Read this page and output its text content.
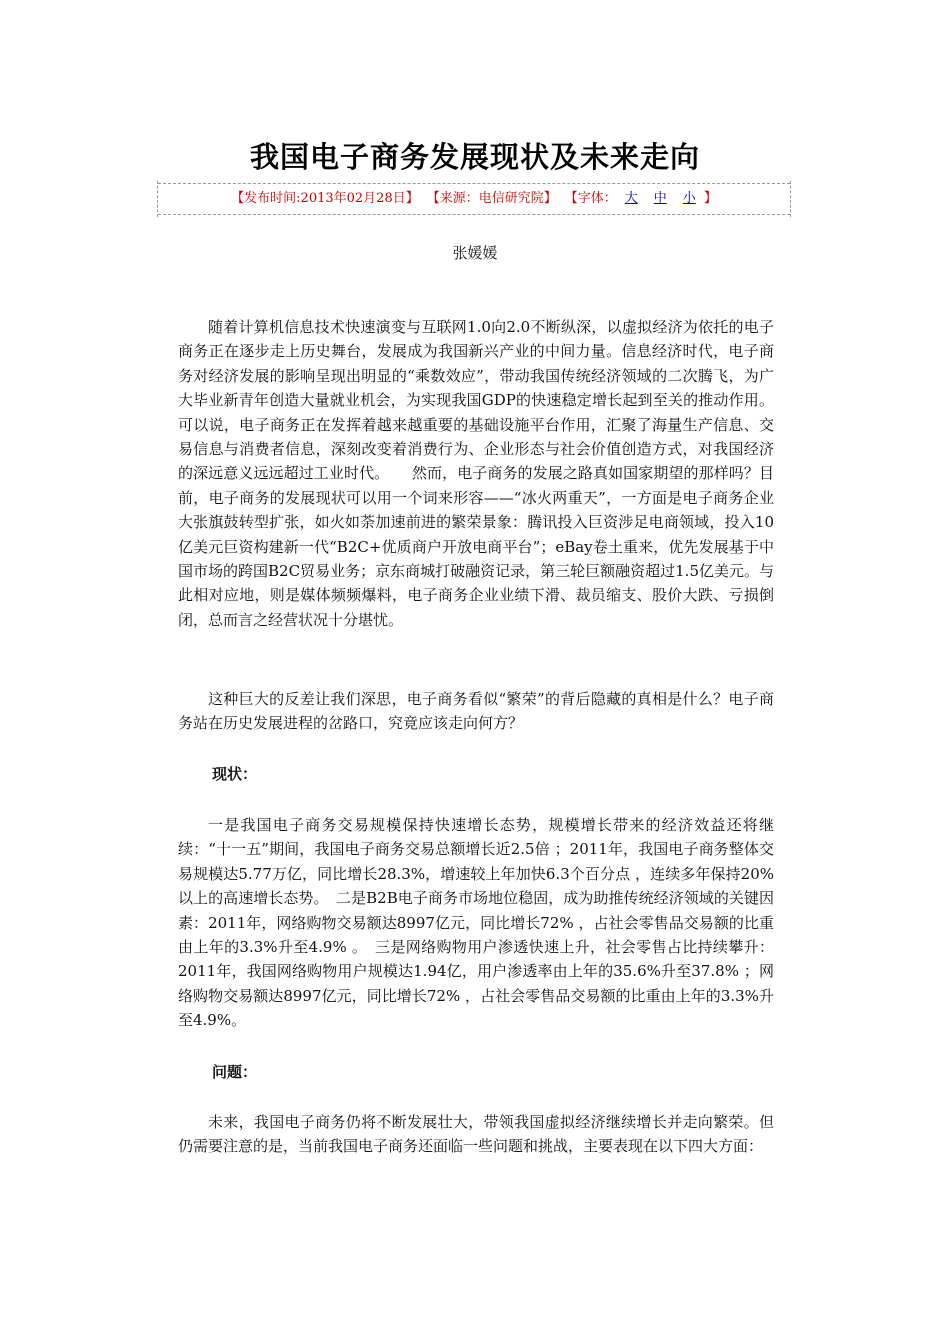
我国电子商务发展现状及未来走向
【发布时间:2013年02月28日】 【来源：电信研究院】 【字体： 大 中 小 】
张媛媛

随着计算机信息技术快速演变与互联网1.0向2.0不断纵深，以虚拟经济为依托的电子商务正在逐步走上历史舞台，发展成为我国新兴产业的中间力量。信息经济时代，电子商务对经济发展的影响呈现出明显的“乘数效应”，带动我国传统经济领域的二次腾飞，为广大毕业新青年创造大量就业机会，为实现我国GDP的快速稳定增长起到至关的推动作用。可以说，电子商务正在发挥着越来越重要的基础设施平台作用，汇聚了海量生产信息、交易信息与消费者信息，深刻改变着消费行为、企业形态与社会价值创造方式，对我国经济的深远意义远远超过工业时代。　　然而，电子商务的发展之路真如国家期望的那样吗？目前，电子商务的发展现状可以用一个词来形容——“冰火两重天”，一方面是电子商务企业大张旗鼓转型扩张，如火如荼加速前进的繁荣景象：腾讯投入巨资涉足电商领域，投入10亿美元巨资构建新一代“B2C+优质商户开放电商平台”；eBay卷土重来，优先发展基于中国市场的跨国B2C贸易业务；京东商城打破融资记录，第三轮巨额融资超过1.5亿美元。与此相对应地，则是媒体频频爆料，电子商务企业业绩下滑、裁员缩支、股价大跌、亏损倒闭，总而言之经营状况十分堪忧。

这种巨大的反差让我们深思，电子商务看似“繁荣”的背后隐藏的真相是什么？电子商务站在历史发展进程的岔路口，究竟应该走向何方？

现状：

一是我国电子商务交易规模保持快速增长态势，规模增长带来的经济效益还将继续：“十一五”期间，我国电子商务交易总额增长近2.5倍 ；2011年，我国电子商务整体交易规模达5.77万亿，同比增长28.3%，增速较上年加快6.3个百分点 ，连续多年保持20%以上的高速增长态势。　二是B2B电子商务市场地位稳固，成为助推传统经济领域的关键因素：2011年，网络购物交易额达8997亿元，同比增长72% ，占社会零售品交易额的比重由上年的3.3%升至4.9% 。　三是网络购物用户渗透快速上升，社会零售占比持续攀升：2011年，我国网络购物用户规模达1.94亿，用户渗透率由上年的35.6%升至37.8% ；网络购物交易额达8997亿元，同比增长72% ，占社会零售品交易额的比重由上年的3.3%升至4.9%。

问题：

未来，我国电子商务仍将不断发展壮大，带领我国虚拟经济继续增长并走向繁荣。但仍需要注意的是，当前我国电子商务还面临一些问题和挑战，主要表现在以下四大方面：
